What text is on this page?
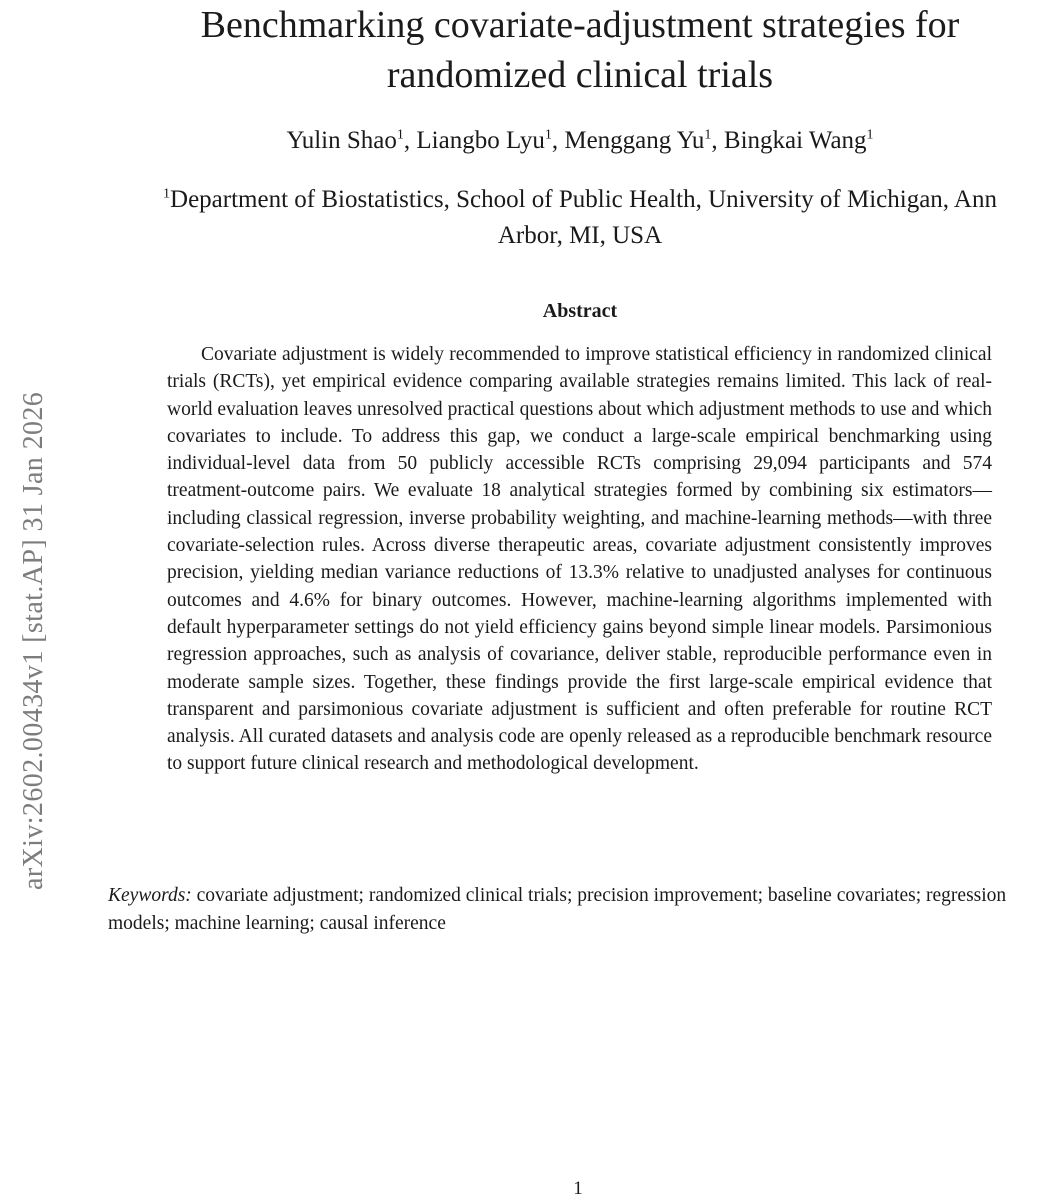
arXiv:2602.00434v1 [stat.AP] 31 Jan 2026
Benchmarking covariate-adjustment strategies for randomized clinical trials
Yulin Shao$^1$, Liangbo Lyu$^1$, Menggang Yu$^1$, Bingkai Wang$^1$
$^1$Department of Biostatistics, School of Public Health, University of Michigan, Ann Arbor, MI, USA
Abstract
Covariate adjustment is widely recommended to improve statistical efficiency in randomized clinical trials (RCTs), yet empirical evidence comparing available strategies remains limited. This lack of real-world evaluation leaves unresolved practical questions about which adjustment methods to use and which covariates to include. To address this gap, we conduct a large-scale empirical benchmarking using individual-level data from 50 publicly accessible RCTs comprising 29,094 participants and 574 treatment-outcome pairs. We evaluate 18 analytical strategies formed by combining six estimators—including classical regression, inverse probability weighting, and machine-learning methods—with three covariate-selection rules. Across diverse therapeutic areas, covariate adjustment consistently improves precision, yielding median variance reductions of 13.3% relative to unadjusted analyses for continuous outcomes and 4.6% for binary outcomes. However, machine-learning algorithms implemented with default hyperparameter settings do not yield efficiency gains beyond simple linear models. Parsimonious regression approaches, such as analysis of covariance, deliver stable, reproducible performance even in moderate sample sizes. Together, these findings provide the first large-scale empirical evidence that transparent and parsimonious covariate adjustment is sufficient and often preferable for routine RCT analysis. All curated datasets and analysis code are openly released as a reproducible benchmark resource to support future clinical research and methodological development.
Keywords: covariate adjustment; randomized clinical trials; precision improvement; baseline covariates; regression models; machine learning; causal inference
1
